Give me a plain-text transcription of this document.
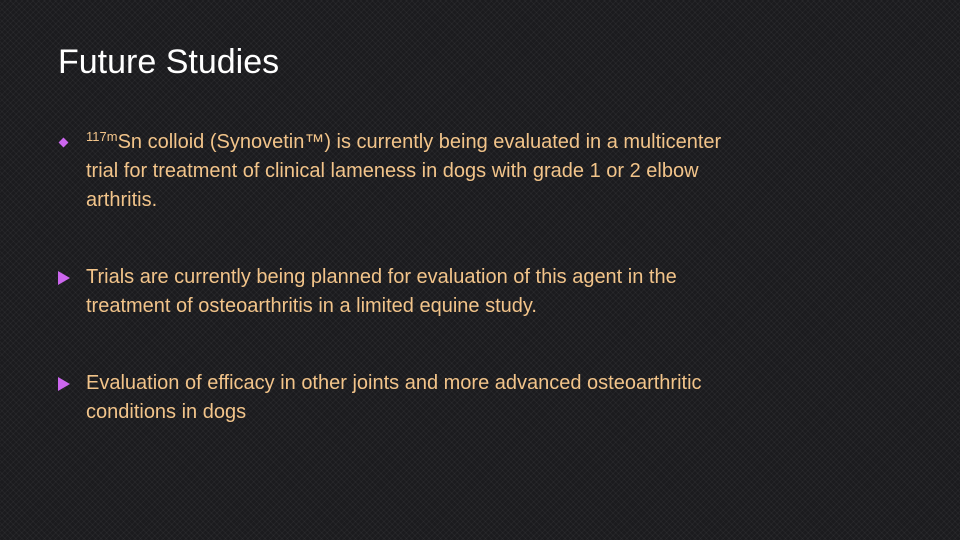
Future Studies
$^{117m}$Sn colloid (Synovetin™) is currently being evaluated in a multicenter
trial for treatment of clinical lameness in dogs with grade 1 or 2 elbow
arthritis.
Trials are currently being planned for evaluation of this agent in the
treatment of osteoarthritis in a limited equine study.
Evaluation of efficacy in other joints and more advanced osteoarthritic
conditions in dogs
